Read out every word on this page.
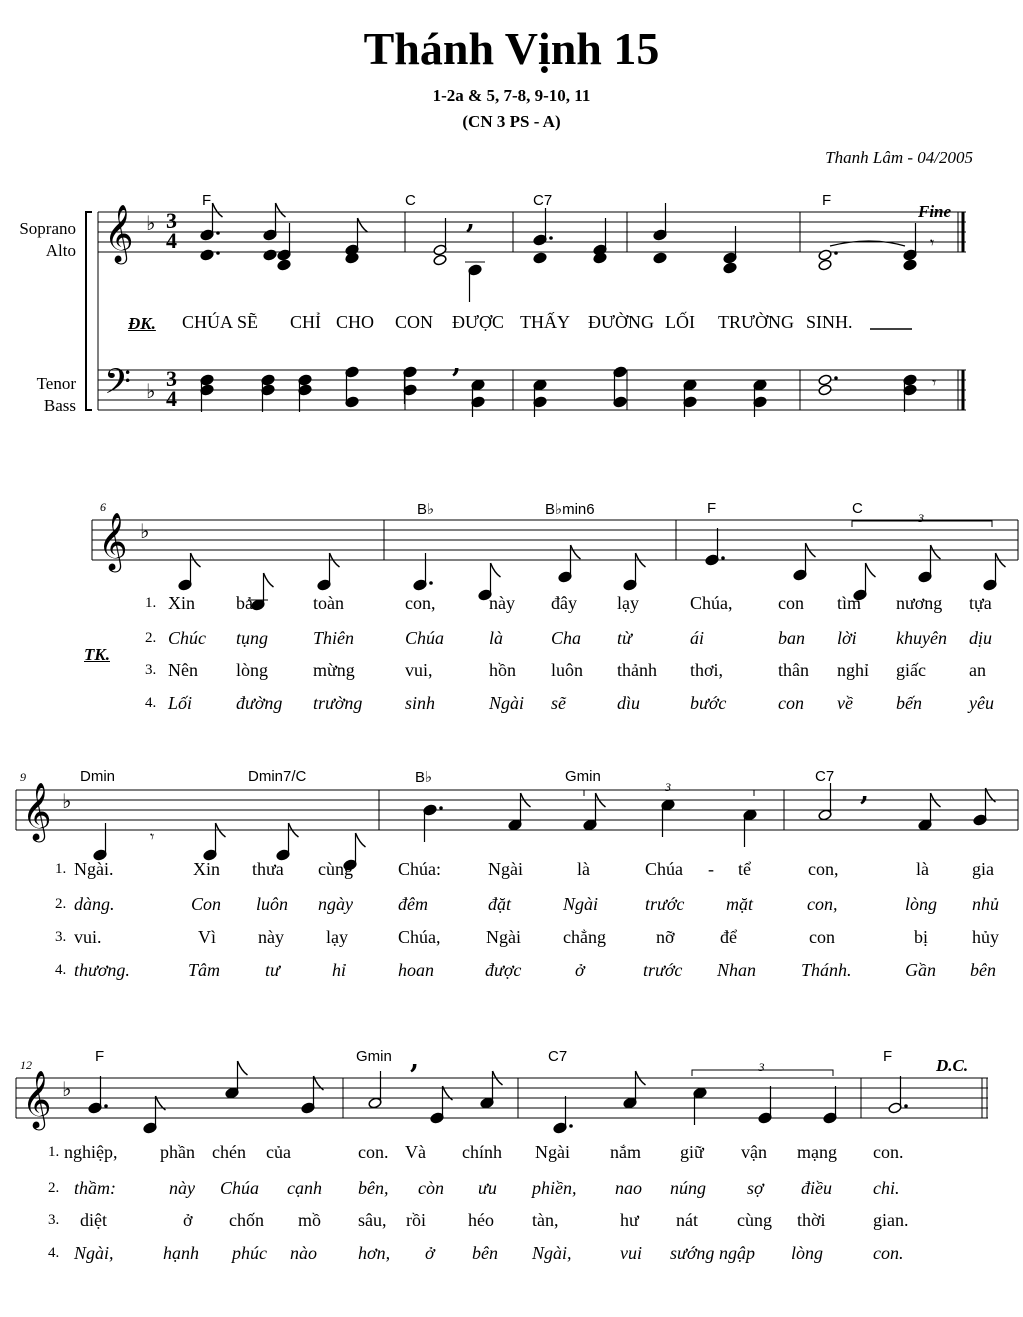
Thánh Vịnh 15
1-2a & 5, 7-8, 9-10, 11
(CN 3 PS - A)
Thanh Lâm - 04/2005
Soprano
Alto
Tenor
Bass
𝄞
𝄢
♭
♭
,
𝄾
,
𝄾
𝄞 ♭
𝄞 ♭
𝄾
,
𝄞 ♭
,
3
4
3
4
F	C	C7	F
Fine
ĐK. CHÚA SẼ CHỈ CHO CON ĐƯỢC THẤY ĐƯỜNG LỐI TRƯỜNG SINH.
6
3
B♭	B♭min6	F	C
TK.
1. Xin bảo	toàn	con,	này đây lạy	Chúa,	con tìm nương tựa
2. Chúc tụng Thiên	Chúa là	Cha từ	ái	ban lời khuyên dịu
3. Nên lòng mừng	vui,	hồn luôn thảnh thơi,	thân nghỉ giấc an
4. Lối đường trường sinh	Ngài sẽ	dìu	bước	con về bến	yêu
9
3
Dmin	Dmin7/C	B♭	Gmin	C7
1. Ngài.	Xin thưa cùng	Chúa:	Ngài	là	Chúa - tể	con,	là gia
2. dàng.	Con luôn ngày	đêm	đặt	Ngài	trước mặt	con,	lòng nhủ
3. vui.	Vì này lạy	Chúa,	Ngài chẳng	nỡ	để	con	bị hủy
4. thương.	Tâm tư	hỉ	hoan	được	ở	trước Nhan Thánh.	Gần bên
12	3
F	Gmin	C7	F	D.C.
1. nghiệp, phần chén của	con. Và chính Ngài nắm giữ vận mạng con.
2. thầm:	này Chúa cạnh bên, còn ưu phiền, nao núng sợ điều chi.
3. diệt	ở chốn mồ sâu, rồi héo tàn,	hư nát cùng thời	gian.
4. Ngài,	hạnh phúc nào hơn, ở bên Ngài,	vui sướng ngập lòng	con.
